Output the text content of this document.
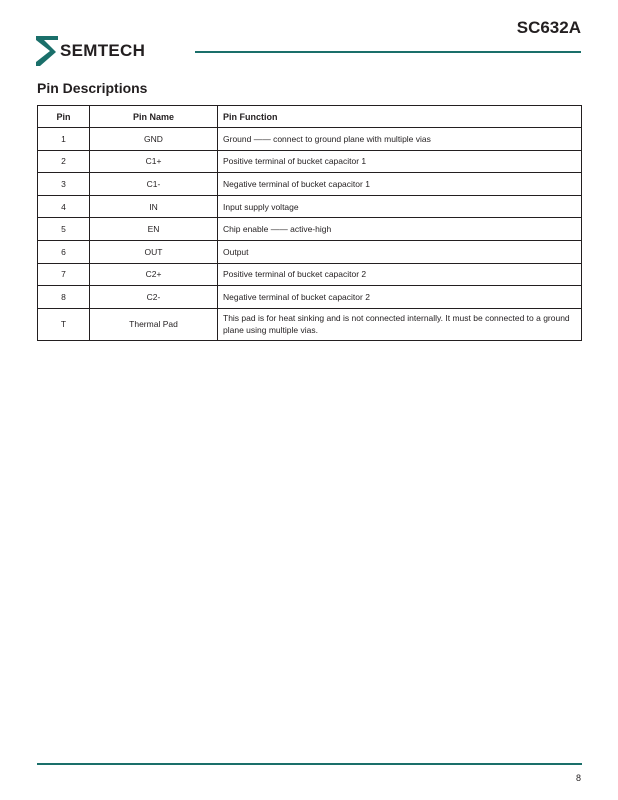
SC632A
SEMTECH
Pin Descriptions
Pin	Pin Name	Pin Function
1	GND	Ground —— connect to ground plane with multiple vias
2	C1+	Positive terminal of bucket capacitor 1
3	C1-	Negative terminal of bucket capacitor 1
4	IN	Input supply voltage
5	EN	Chip enable —— active-high
6	OUT	Output
7	C2+	Positive terminal of bucket capacitor 2
8	C2-	Negative terminal of bucket capacitor 2
T	Thermal Pad	This pad is for heat sinking and is not connected internally. It must be connected to a ground plane using multiple vias.
8
